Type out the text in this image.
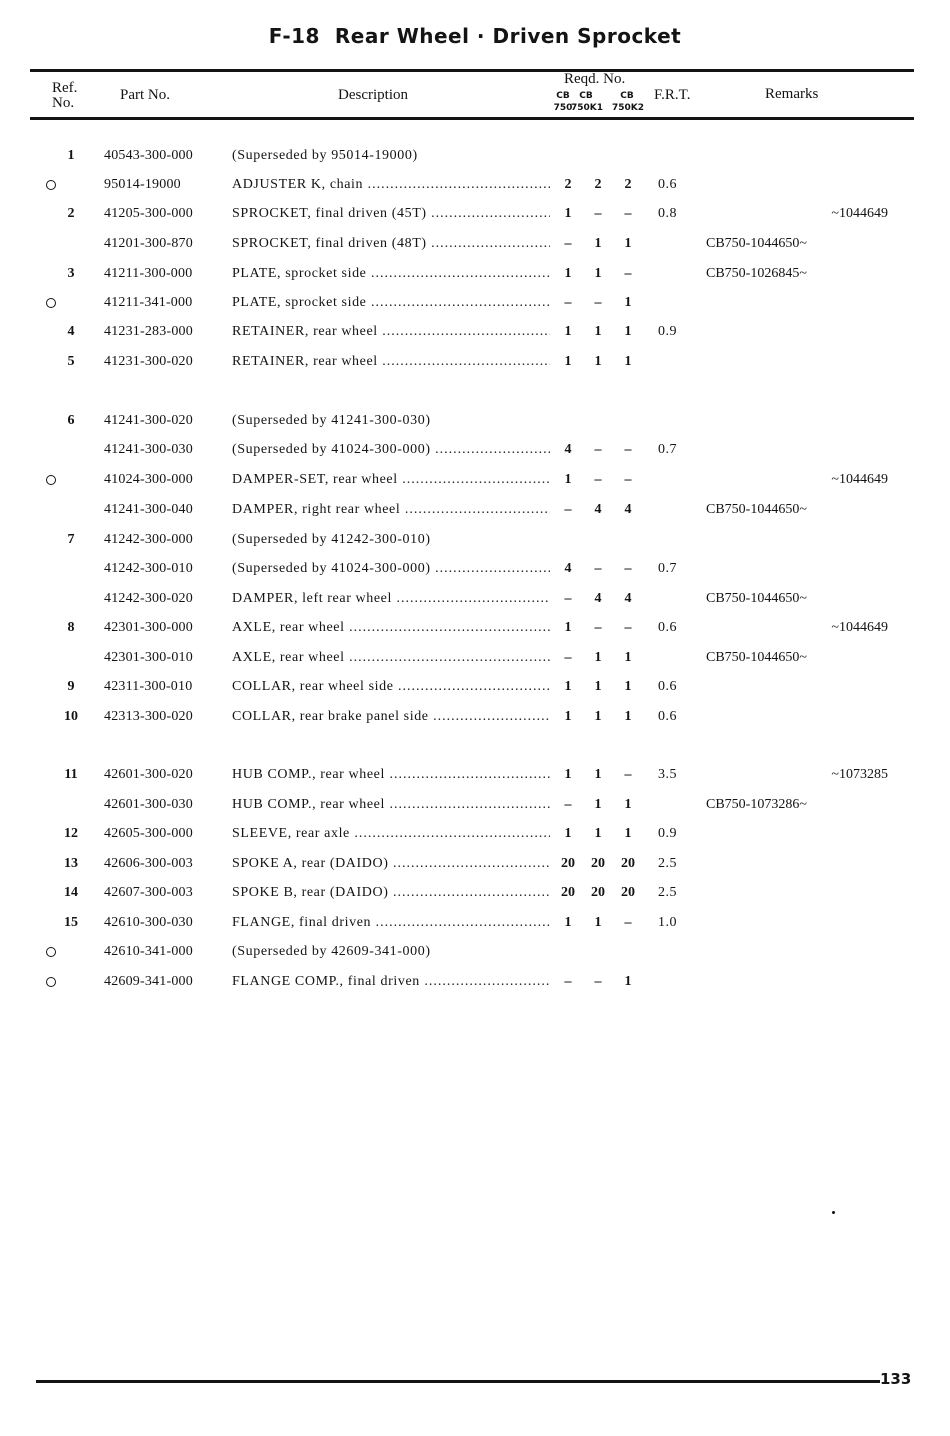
F-18  Rear Wheel · Driven Sprocket
Ref.
No.	Part No.	Description
Reqd. No.
CB
750
CB
750K1
CB
750K2
F.R.T.	Remarks
1	40543-300-000	(Superseded by 95014-19000)
95014-19000	ADJUSTER K, chain .....	2	2	2	0.6
2	41205-300-000	SPROCKET, final driven (45T) .....	1	–	–	0.8	~1044649
41201-300-870	SPROCKET, final driven (48T) .....	–	1	1	CB750-1044650~
3	41211-300-000	PLATE, sprocket side .....	1	1	–	CB750-1026845~
41211-341-000	PLATE, sprocket side .....	–	–	1
4	41231-283-000	RETAINER, rear wheel .....	1	1	1	0.9
5	41231-300-020	RETAINER, rear wheel .....	1	1	1
6	41241-300-020	(Superseded by 41241-300-030)
41241-300-030	(Superseded by 41024-300-000) .....	4	–	–	0.7
41024-300-000	DAMPER-SET, rear wheel .....	1	–	–	~1044649
41241-300-040	DAMPER, right rear wheel .....	–	4	4	CB750-1044650~
7	41242-300-000	(Superseded by 41242-300-010)
41242-300-010	(Superseded by 41024-300-000) .....	4	–	–	0.7
41242-300-020	DAMPER, left rear wheel .....	–	4	4	CB750-1044650~
8	42301-300-000	AXLE, rear wheel .....	1	–	–	0.6	~1044649
42301-300-010	AXLE, rear wheel .....	–	1	1	CB750-1044650~
9	42311-300-010	COLLAR, rear wheel side .....	1	1	1	0.6
10	42313-300-020	COLLAR, rear brake panel side .....	1	1	1	0.6
11	42601-300-020	HUB COMP., rear wheel .....	1	1	–	3.5	~1073285
42601-300-030	HUB COMP., rear wheel .....	–	1	1	CB750-1073286~
12	42605-300-000	SLEEVE, rear axle .....	1	1	1	0.9
13	42606-300-003	SPOKE A, rear (DAIDO) .....	20	20	20	2.5
14	42607-300-003	SPOKE B, rear (DAIDO) .....	20	20	20	2.5
15	42610-300-030	FLANGE, final driven .....	1	1	–	1.0
42610-341-000	(Superseded by 42609-341-000)
42609-341-000	FLANGE COMP., final driven .....	–	–	1
133
